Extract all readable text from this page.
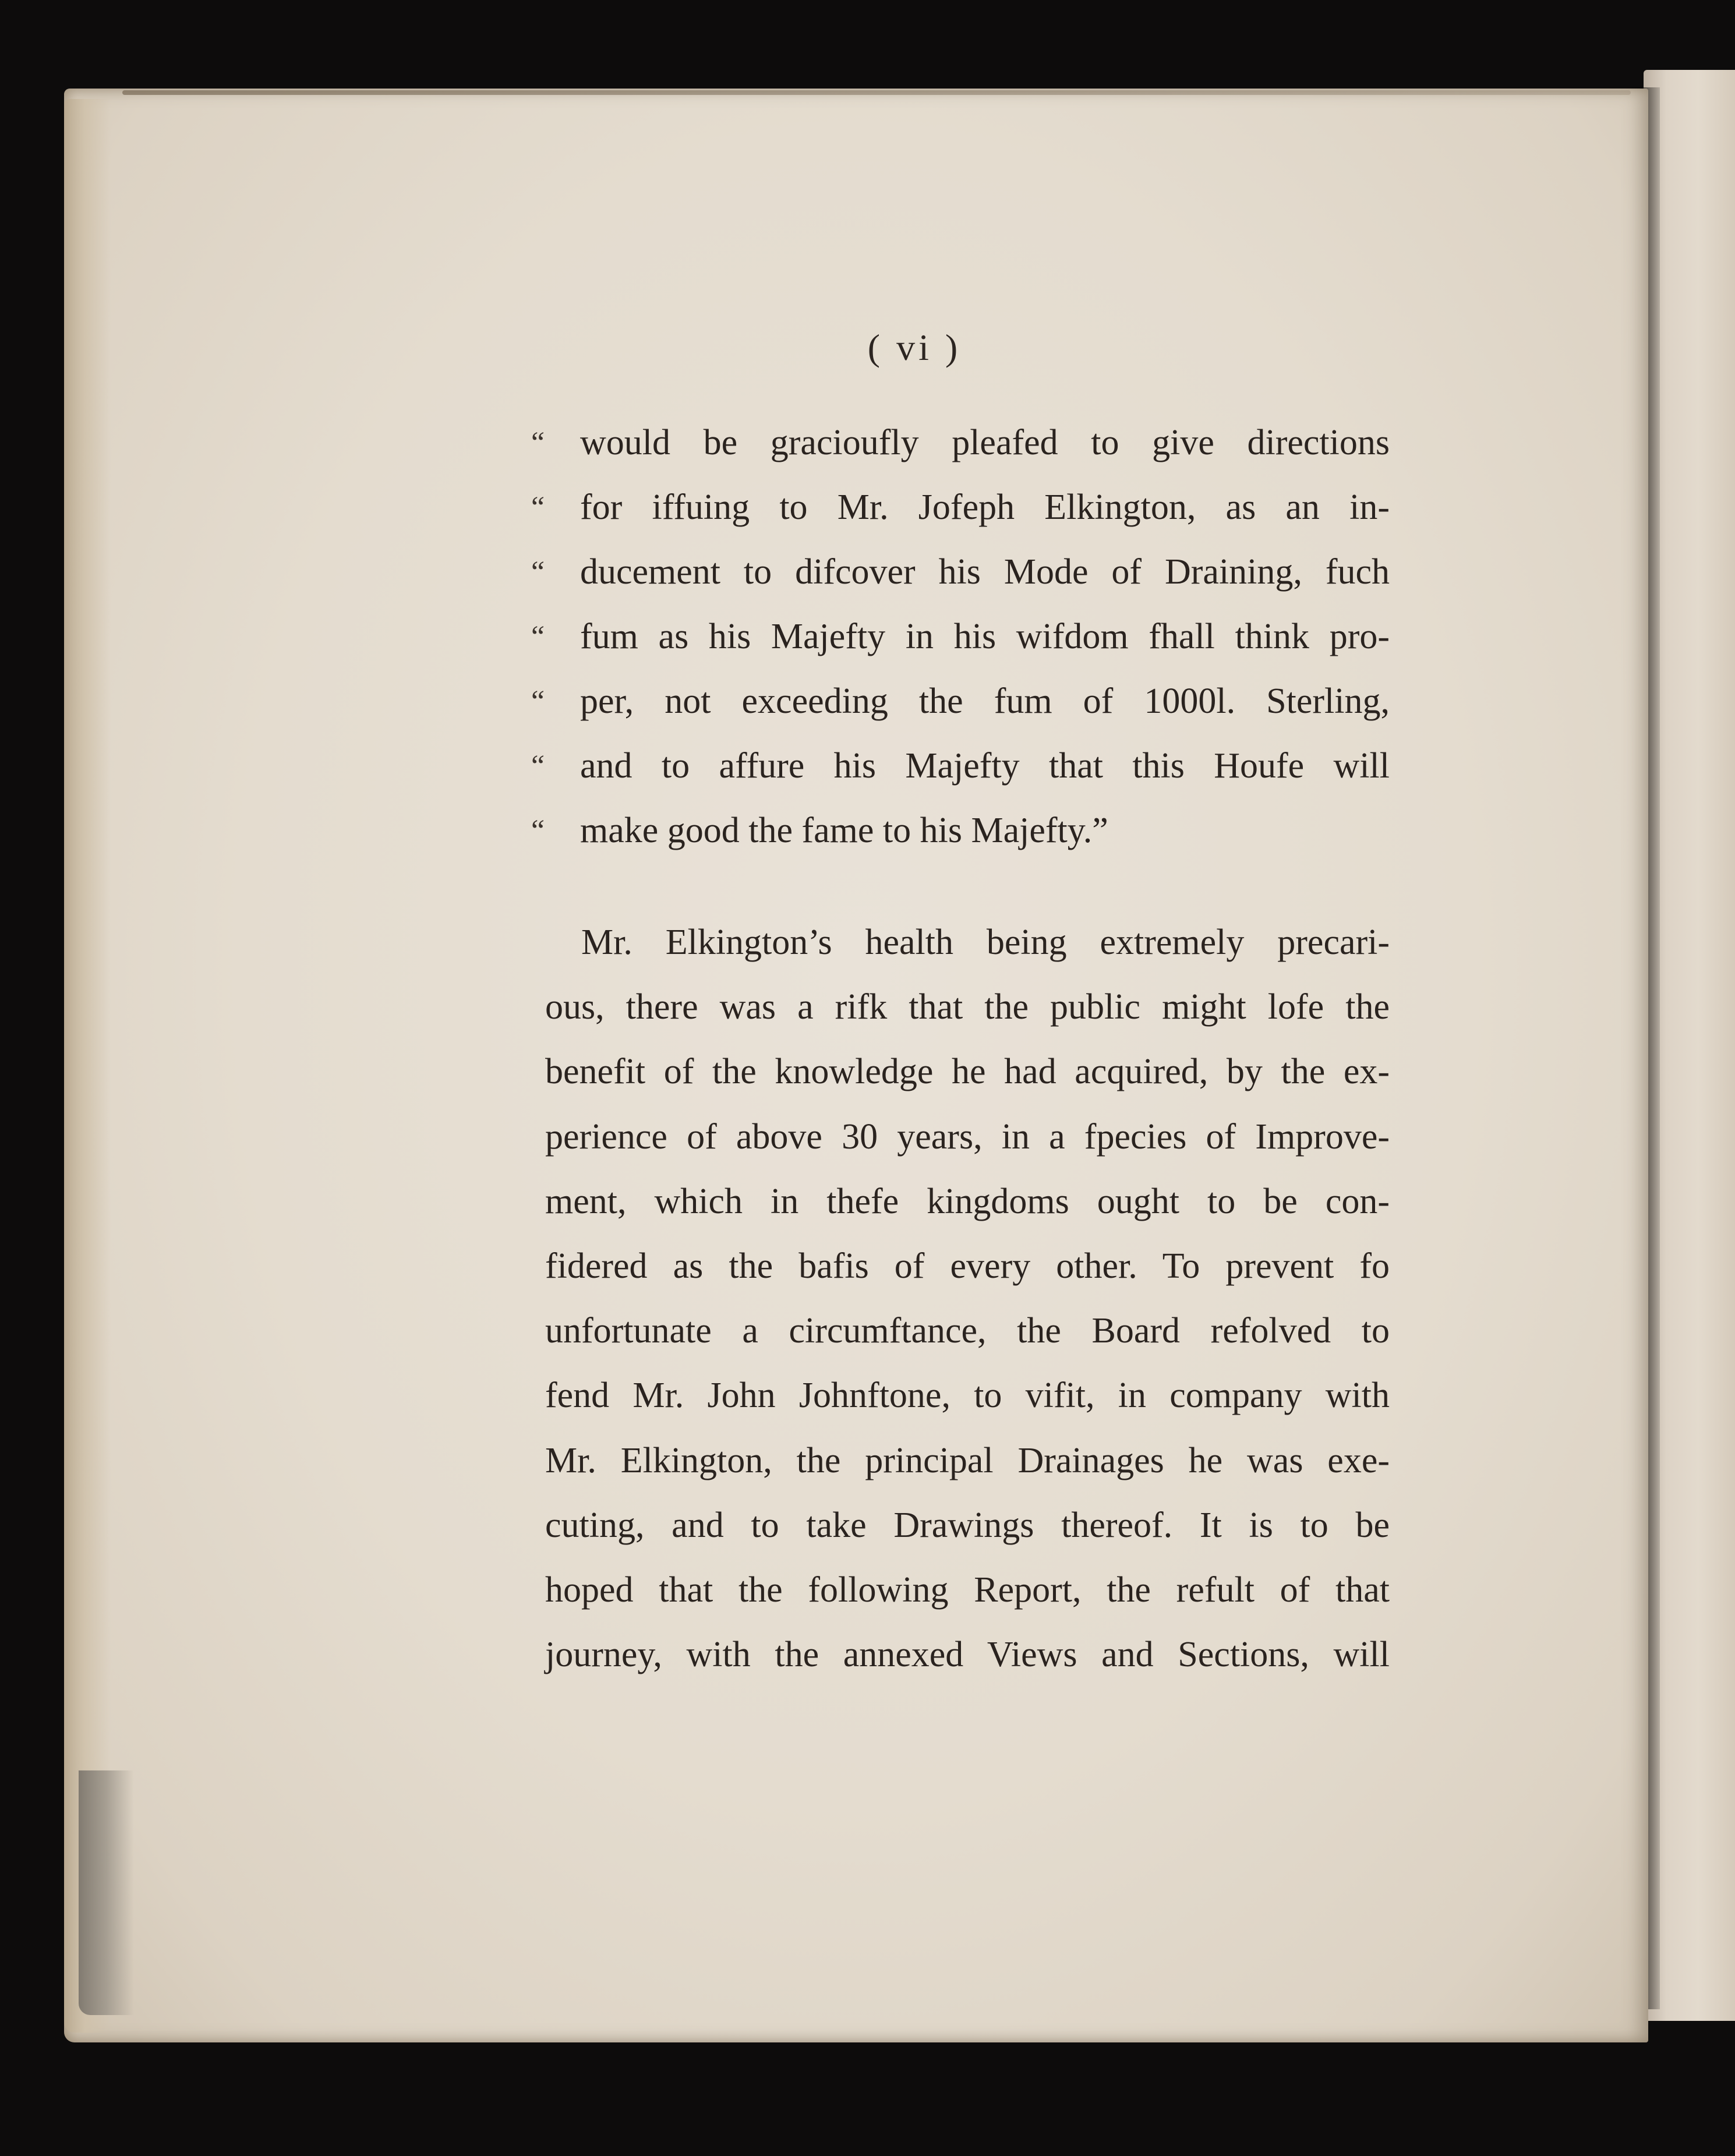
( vi )
“ would be gracioufly pleafed to give directions
“ for iffuing to Mr. Jofeph Elkington, as an in-
“ ducement to difcover his Mode of Draining, fuch
“ fum as his Majefty in his wifdom fhall think pro-
“ per, not exceeding the fum of 1000l. Sterling,
“ and to affure his Majefty that this Houfe will
“ make good the fame to his Majefty.”
Mr. Elkington’s health being extremely precari-
ous, there was a rifk that the public might lofe the
benefit of the knowledge he had acquired, by the ex-
perience of above 30 years, in a fpecies of Improve-
ment, which in thefe kingdoms ought to be con-
fidered as the bafis of every other. To prevent fo
unfortunate a circumftance, the Board refolved to
fend Mr. John Johnftone, to vifit, in company with
Mr. Elkington, the principal Drainages he was exe-
cuting, and to take Drawings thereof. It is to be
hoped that the following Report, the refult of that
journey, with the annexed Views and Sections, will
